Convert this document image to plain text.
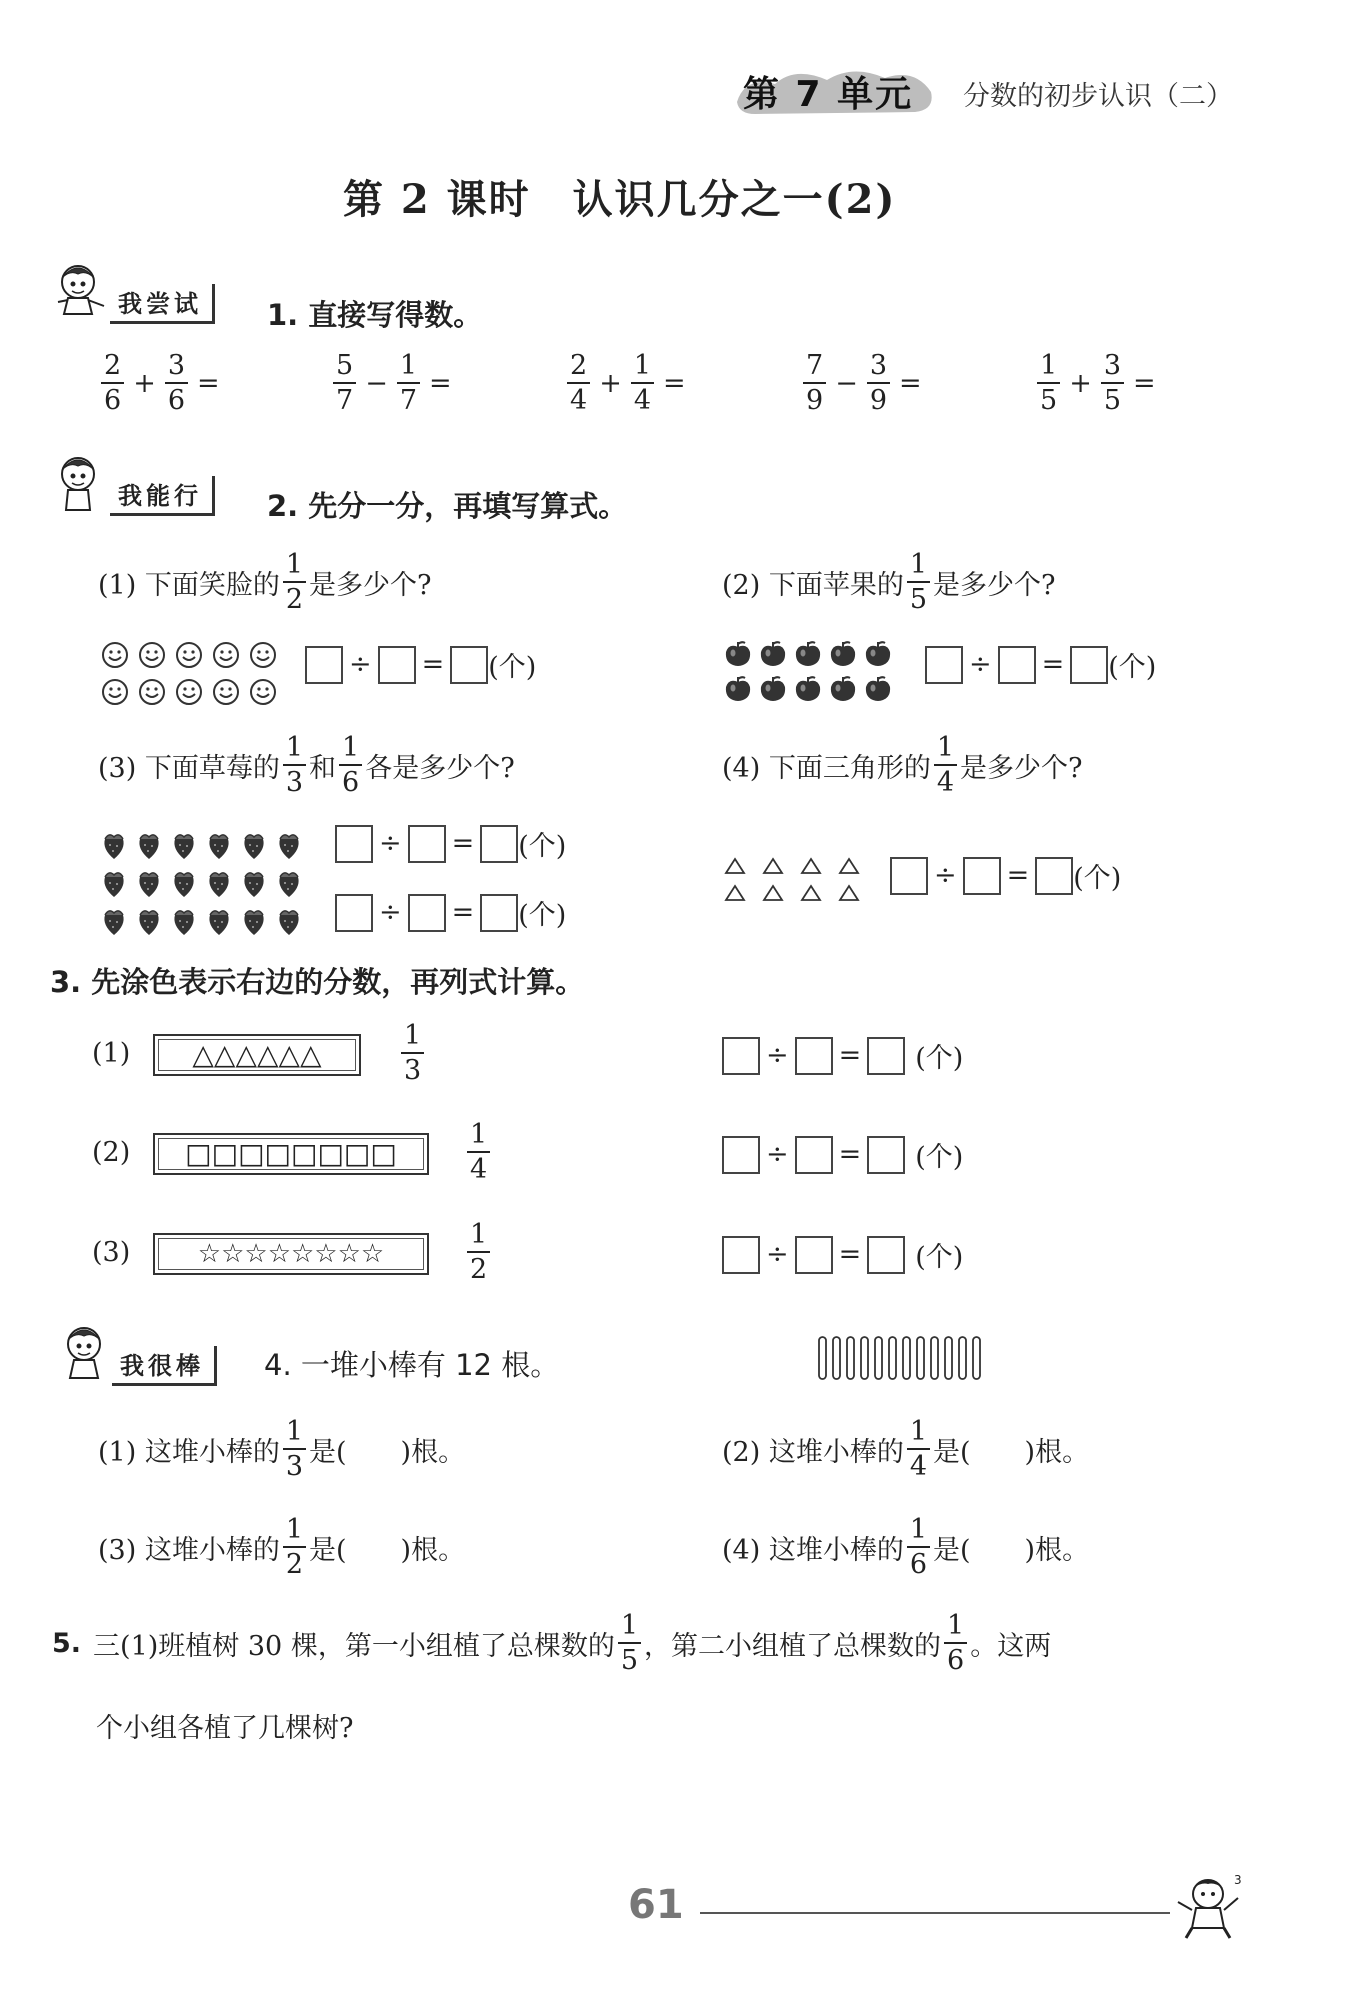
第 7 单元 分数的初步认识（二）
第 2 课时　认识几分之一(2)
我尝试	1. 直接写得数。
2
6
+ $\frac{3}{6}$ =
5
7
− $\frac{1}{7}$ =
2
4
+ $\frac{1}{4}$ =
7
9
− $\frac{3}{9}$ =
1
5
+ $\frac{3}{5}$ =
我能行	2. 先分一分，再填写算式。
(1) 下面笑脸的
1
2 是多少个?
÷ = (个)
(2) 下面苹果的
1
5 是多少个?
÷ = (个)
(3) 下面草莓的
1
3 和
1
6 各是多少个?
÷ = (个)
÷ = (个)
(4) 下面三角形的
1
4 是多少个?
÷ = (个)
3. 先涂色表示右边的分数，再列式计算。
(1)	△△△△△△	$\frac{1}{3}$	÷ = (个)
(2)	□□□□□□□□	$\frac{1}{4}$	÷ = (个)
(3)	☆☆☆☆☆☆☆☆	$\frac{1}{2}$	÷ = (个)
我很棒	4. 一堆小棒有 12 根。
(1) 这堆小棒的
1
3 是(　　)根。	(2) 这堆小棒的
1
4 是(　　)根。
(3) 这堆小棒的
1
2 是(　　)根。	(4) 这堆小棒的
1
6 是(　　)根。
5. 三(1)班植树 30 棵，第一小组植了总棵数的
1
5 ，第二小组植了总棵数的
1
6 。这两
个小组各植了几棵树?
61
3
